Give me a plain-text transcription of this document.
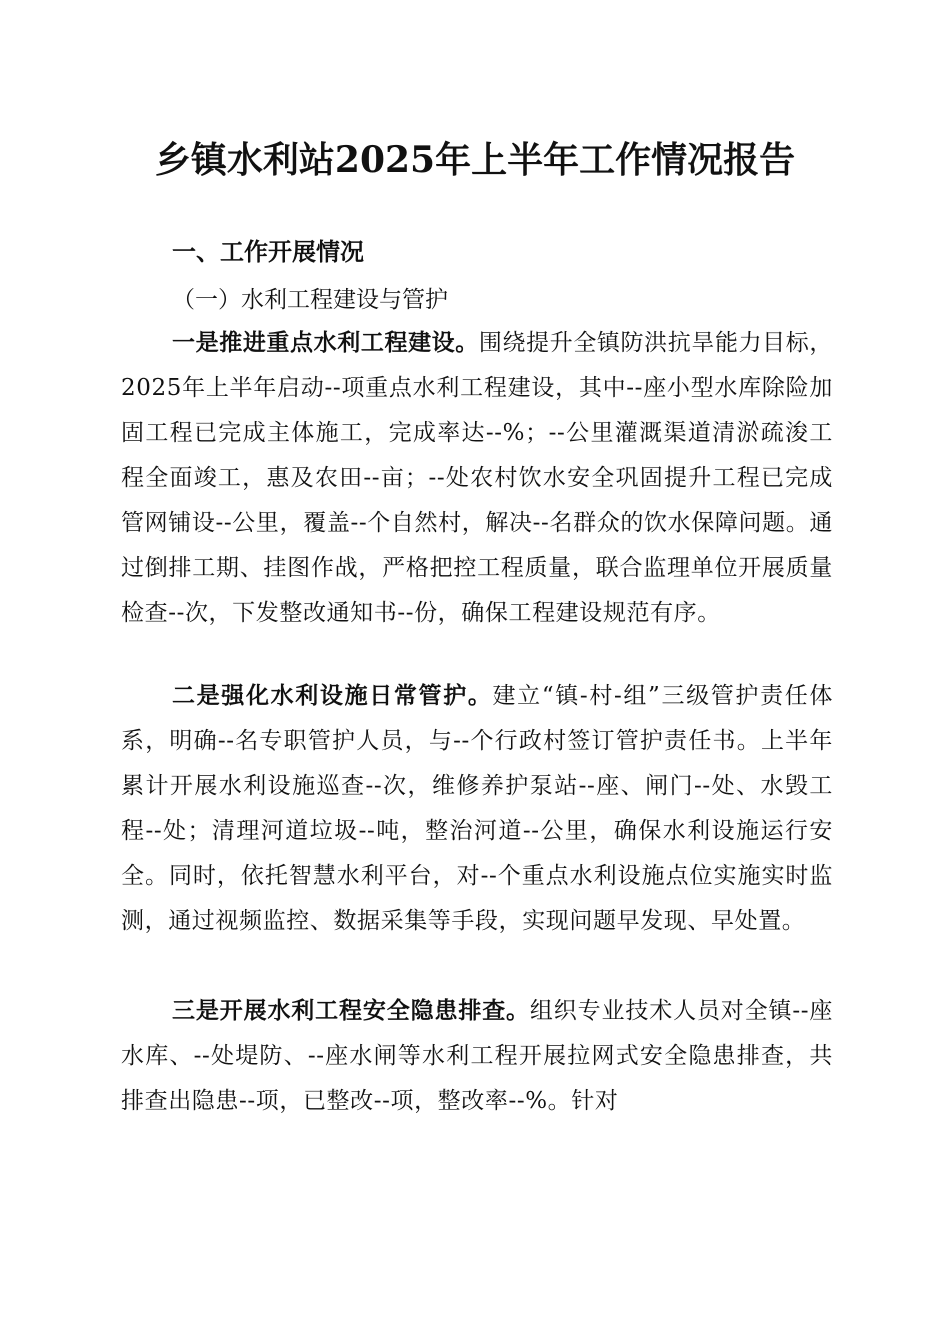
乡镇水利站2025年上半年工作情况报告
一、工作开展情况
（一）水利工程建设与管护

一是推进重点水利工程建设。围绕提升全镇防洪抗旱能力目标，2025年上半年启动--项重点水利工程建设，其中--座小型水库除险加固工程已完成主体施工，完成率达--%；--公里灌溉渠道清淤疏浚工程全面竣工，惠及农田--亩；--处农村饮水安全巩固提升工程已完成管网铺设--公里，覆盖--个自然村，解决--名群众的饮水保障问题。通过倒排工期、挂图作战，严格把控工程质量，联合监理单位开展质量检查--次，下发整改通知书--份，确保工程建设规范有序。

二是强化水利设施日常管护。建立“镇-村-组”三级管护责任体系，明确--名专职管护人员，与--个行政村签订管护责任书。上半年累计开展水利设施巡查--次，维修养护泵站--座、闸门--处、水毁工程--处；清理河道垃圾--吨，整治河道--公里，确保水利设施运行安全。同时，依托智慧水利平台，对--个重点水利设施点位实施实时监测，通过视频监控、数据采集等手段，实现问题早发现、早处置。

三是开展水利工程安全隐患排查。组织专业技术人员对全镇--座水库、--处堤防、--座水闸等水利工程开展拉网式安全隐患排查，共排查出隐患--项，已整改--项，整改率--%。针对
